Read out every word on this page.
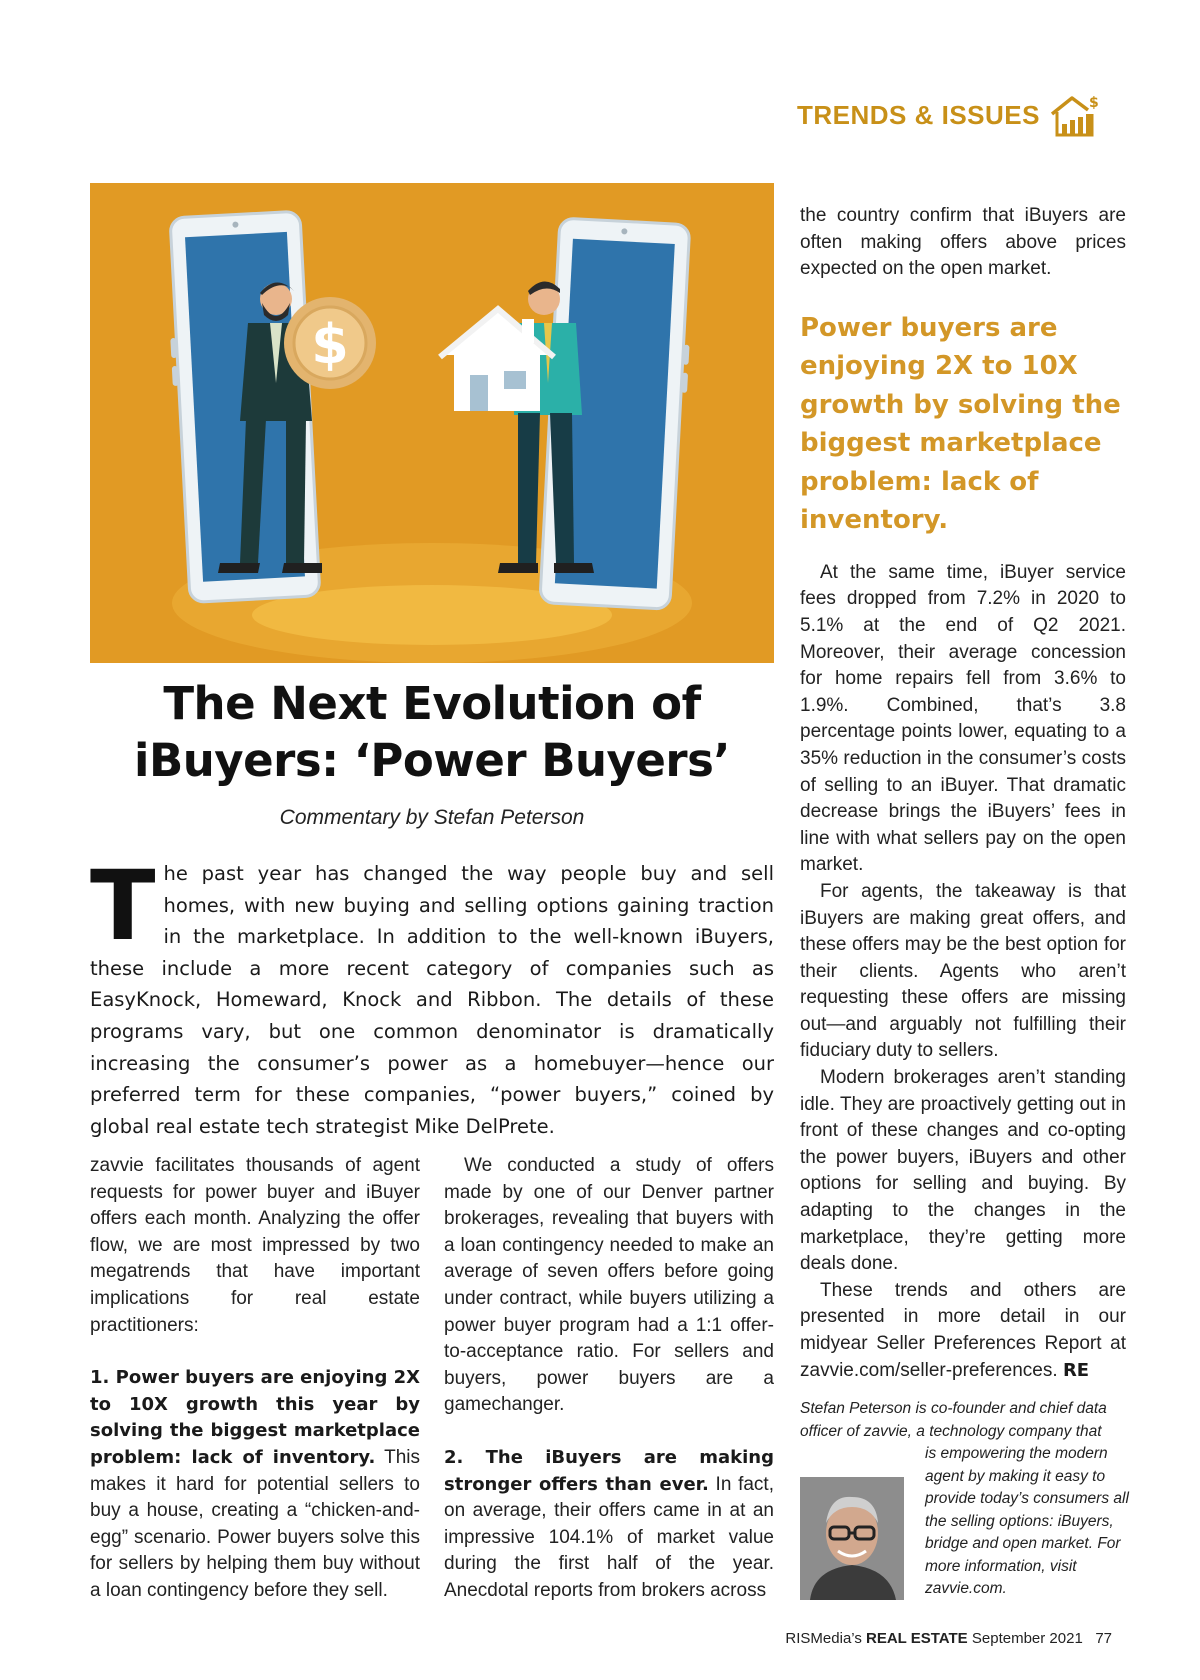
TRENDS & ISSUES	$
$
The Next Evolution of
iBuyers: ‘Power Buyers’
Commentary by Stefan Peterson
The past year has changed the way people buy and sell homes, with new buying and selling options gaining traction in the marketplace. In addition to the well-known iBuyers, these include a more recent category of companies such as EasyKnock, Homeward, Knock and Ribbon. The details of these programs vary, but one common denominator is dramatically increasing the consumer’s power as a homebuyer—hence our preferred term for these companies, “power buyers,” coined by global real estate tech strategist Mike DelPrete.

zavvie facilitates thousands of agent requests for power buyer and iBuyer offers each month. Analyzing the offer flow, we are most impressed by two megatrends that have important implications for real estate practitioners:

1. Power buyers are enjoying 2X to 10X growth this year by solving the biggest marketplace problem: lack of inventory. This makes it hard for potential sellers to buy a house, creating a “chicken-and-egg” scenario. Power buyers solve this for sellers by helping them buy without a loan contingency before they sell.

We conducted a study of offers made by one of our Denver partner brokerages, revealing that buyers with a loan contingency needed to make an average of seven offers before going under contract, while buyers utilizing a power buyer program had a 1:1 offer-to-acceptance ratio. For sellers and buyers, power buyers are a gamechanger.

2. The iBuyers are making stronger offers than ever. In fact, on average, their offers came in at an impressive 104.1% of market value during the first half of the year. Anecdotal reports from brokers across

the country confirm that iBuyers are often making offers above prices expected on the open market.

Power buyers are enjoying 2X to 10X growth by solving the biggest marketplace problem: lack of inventory.

At the same time, iBuyer service fees dropped from 7.2% in 2020 to 5.1% at the end of Q2 2021. Moreover, their average concession for home repairs fell from 3.6% to 1.9%. Combined, that’s 3.8 percentage points lower, equating to a 35% reduction in the consumer’s costs of selling to an iBuyer. That dramatic decrease brings the iBuyers’ fees in line with what sellers pay on the open market.

For agents, the takeaway is that iBuyers are making great offers, and these offers may be the best option for their clients. Agents who aren’t requesting these offers are missing out—and arguably not fulfilling their fiduciary duty to sellers.

Modern brokerages aren’t standing idle. They are proactively getting out in front of these changes and co-opting the power buyers, iBuyers and other options for selling and buying. By adapting to the changes in the marketplace, they’re getting more deals done.

These trends and others are presented in more detail in our midyear Seller Preferences Report at zavvie.com/seller-preferences. RE

Stefan Peterson is co-founder and chief data officer of zavvie, a technology company that
is empowering the modern agent by making it easy to provide today’s consumers all the selling options: iBuyers, bridge and open market. For more information, visit zavvie.com.
RISMedia’s REAL ESTATE September 2021 77
